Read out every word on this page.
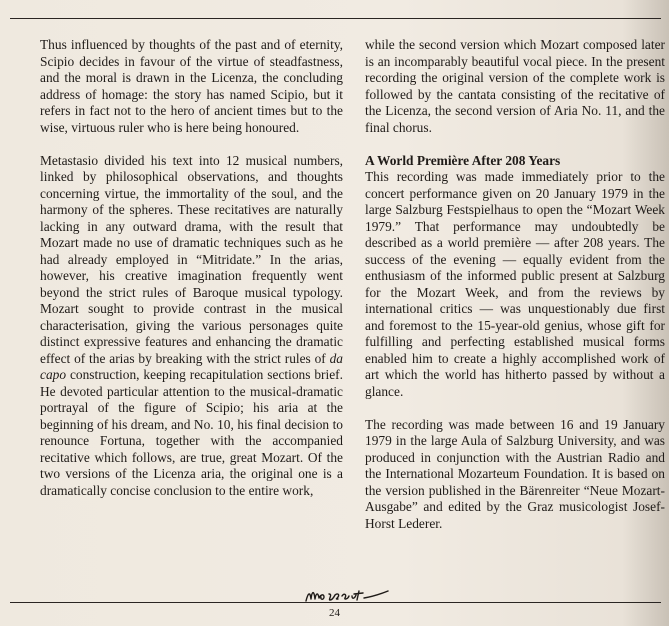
Thus influenced by thoughts of the past and of eternity, Scipio decides in favour of the virtue of steadfastness, and the moral is drawn in the Licenza, the concluding address of homage: the story has named Scipio, but it refers in fact not to the hero of ancient times but to the wise, virtuous ruler who is here being honoured.

Metastasio divided his text into 12 musical numbers, linked by philosophical observations, and thoughts concerning virtue, the immortality of the soul, and the harmony of the spheres. These recitatives are naturally lacking in any outward drama, with the result that Mozart made no use of dramatic techniques such as he had already employed in “Mitridate.” In the arias, however, his creative imagination frequently went beyond the strict rules of Baroque musical typology. Mozart sought to provide contrast in the musical characterisation, giving the various personages quite distinct expressive features and enhancing the dramatic effect of the arias by breaking with the strict rules of da capo construction, keeping recapitulation sections brief. He devoted particular attention to the musical-dramatic portrayal of the figure of Scipio; his aria at the beginning of his dream, and No. 10, his final decision to renounce Fortuna, together with the accompanied recitative which follows, are true, great Mozart. Of the two versions of the Licenza aria, the original one is a dramatically concise conclusion to the entire work,

while the second version which Mozart composed later is an incomparably beautiful vocal piece. In the present recording the original version of the complete work is followed by the cantata consisting of the recitative of the Licenza, the second version of Aria No. 11, and the final chorus.

A World Première After 208 Years

This recording was made immediately prior to the concert performance given on 20 January 1979 in the large Salzburg Festspielhaus to open the “Mozart Week 1979.” That performance may undoubtedly be described as a world première — after 208 years. The success of the evening — equally evident from the enthusiasm of the informed public present at Salzburg for the Mozart Week, and from the reviews by international critics — was unquestionably due first and foremost to the 15-year-old genius, whose gift for fulfilling and perfecting established musical forms enabled him to create a highly accomplished work of art which the world has hitherto passed by without a glance.

The recording was made between 16 and 19 January 1979 in the large Aula of Salzburg University, and was produced in conjunction with the Austrian Radio and the International Mozarteum Foundation. It is based on the version published in the Bärenreiter “Neue Mozart-Ausgabe” and edited by the Graz musicologist Josef-Horst Lederer.

24
